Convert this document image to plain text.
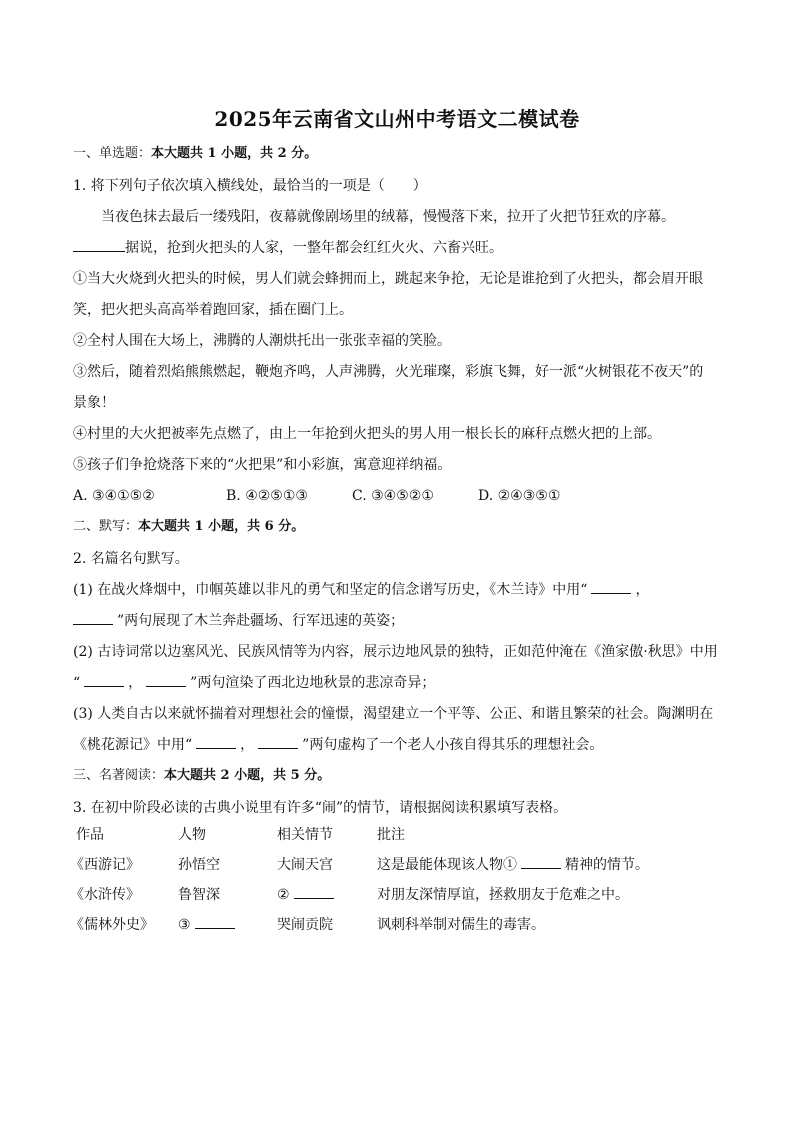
2025年云南省文山州中考语文二模试卷
一、单选题：本大题共 1 小题，共 2 分。
1. 将下列句子依次填入横线处，最恰当的一项是（　　）
当夜色抹去最后一缕残阳，夜幕就像剧场里的绒幕，慢慢落下来，拉开了火把节狂欢的序幕。
据说，抢到火把头的人家，一整年都会红红火火、六畜兴旺。
①当大火烧到火把头的时候，男人们就会蜂拥而上，跳起来争抢，无论是谁抢到了火把头，都会眉开眼
笑，把火把头高高举着跑回家，插在圈门上。
②全村人围在大场上，沸腾的人潮烘托出一张张幸福的笑脸。
③然后，随着烈焰熊熊燃起，鞭炮齐鸣，人声沸腾，火光璀璨，彩旗飞舞，好一派“火树银花不夜天”的
景象！
④村里的大火把被率先点燃了，由上一年抢到火把头的男人用一根长长的麻秆点燃火把的上部。
⑤孩子们争抢烧落下来的“火把果”和小彩旗，寓意迎祥纳福。
A. ③④①⑤②	B. ④②⑤①③	C. ③④⑤②①	D. ②④③⑤①
二、默写：本大题共 1 小题，共 6 分。
2. 名篇名句默写。
(1) 在战火烽烟中，巾帼英雄以非凡的勇气和坚定的信念谱写历史，《木兰诗》中用“	，
”两句展现了木兰奔赴疆场、行军迅速的英姿；
(2) 古诗词常以边塞风光、民族风情等为内容，展示边地风景的独特，正如范仲淹在《渔家傲·秋思》中用
“	，	”两句渲染了西北边地秋景的悲凉奇异；
(3) 人类自古以来就怀揣着对理想社会的憧憬，渴望建立一个平等、公正、和谐且繁荣的社会。陶渊明在
《桃花源记》中用“	，	”两句虚构了一个老人小孩自得其乐的理想社会。
三、名著阅读：本大题共 2 小题，共 5 分。
3. 在初中阶段必读的古典小说里有许多“闹”的情节，请根据阅读积累填写表格。
作品	人物	相关情节	批注
《西游记》	孙悟空	大闹天宫	这是最能体现该人物①	精神的情节。
《水浒传》	鲁智深	②	对朋友深情厚谊，拯救朋友于危难之中。
《儒林外史》 ③	哭闹贡院	讽刺科举制对儒生的毒害。
